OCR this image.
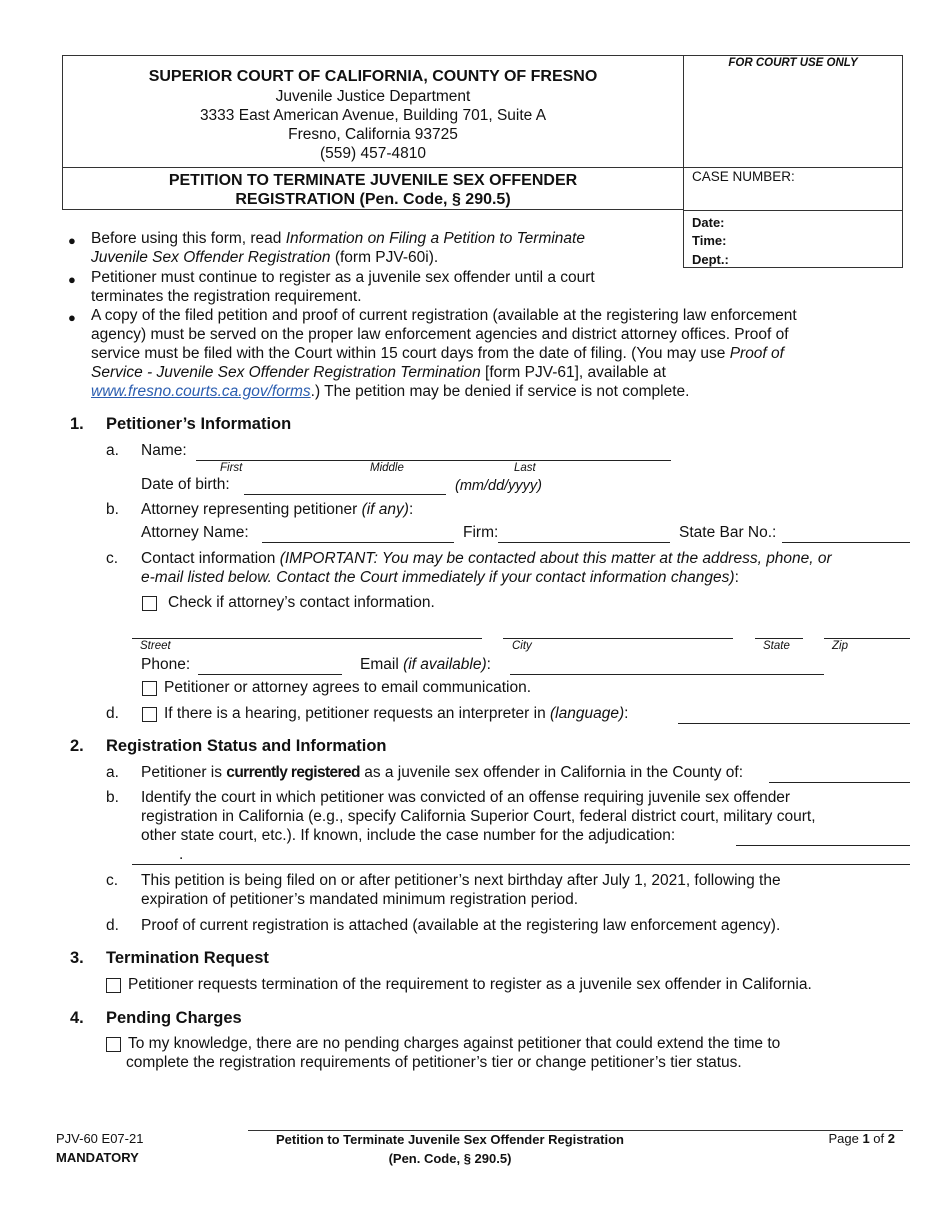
SUPERIOR COURT OF CALIFORNIA, COUNTY OF FRESNO
Juvenile Justice Department
3333 East American Avenue, Building 701, Suite A
Fresno, California 93725
(559) 457-4810
PETITION TO TERMINATE JUVENILE SEX OFFENDER
REGISTRATION (Pen. Code, § 290.5)
FOR COURT USE ONLY
CASE NUMBER:
Date:
Time:
Dept.:
● Before using this form, read Information on Filing a Petition to Terminate
Juvenile Sex Offender Registration (form PJV-60i).
● Petitioner must continue to register as a juvenile sex offender until a court
terminates the registration requirement.
● A copy of the filed petition and proof of current registration (available at the registering law enforcement
agency) must be served on the proper law enforcement agencies and district attorney offices. Proof of
service must be filed with the Court within 15 court days from the date of filing. (You may use Proof of
Service - Juvenile Sex Offender Registration Termination [form PJV-61], available at
www.fresno.courts.ca.gov/forms.) The petition may be denied if service is not complete.
1. Petitioner’s Information
a. Name:
First	Middle	Last
Date of birth:	(mm/dd/yyyy)
b. Attorney representing petitioner (if any):
Attorney Name:	Firm:	State Bar No.:
c. Contact information (IMPORTANT: You may be contacted about this matter at the address, phone, or
e-mail listed below. Contact the Court immediately if your contact information changes):
Check if attorney’s contact information.
Street	City	State	Zip
Phone:	Email (if available):
Petitioner or attorney agrees to email communication.
d.	If there is a hearing, petitioner requests an interpreter in (language):
2. Registration Status and Information
a. Petitioner is currently registered as a juvenile sex offender in California in the County of:
b. Identify the court in which petitioner was convicted of an offense requiring juvenile sex offender
registration in California (e.g., specify California Superior Court, federal district court, military court,
other state court, etc.). If known, include the case number for the adjudication:
.
c. This petition is being filed on or after petitioner’s next birthday after July 1, 2021, following the
expiration of petitioner’s mandated minimum registration period.
d. Proof of current registration is attached (available at the registering law enforcement agency).
3. Termination Request
Petitioner requests termination of the requirement to register as a juvenile sex offender in California.
4. Pending Charges
To my knowledge, there are no pending charges against petitioner that could extend the time to
complete the registration requirements of petitioner’s tier or change petitioner’s tier status.
PJV-60 E07-21
MANDATORY
Petition to Terminate Juvenile Sex Offender Registration
(Pen. Code, § 290.5)
Page 1 of 2
